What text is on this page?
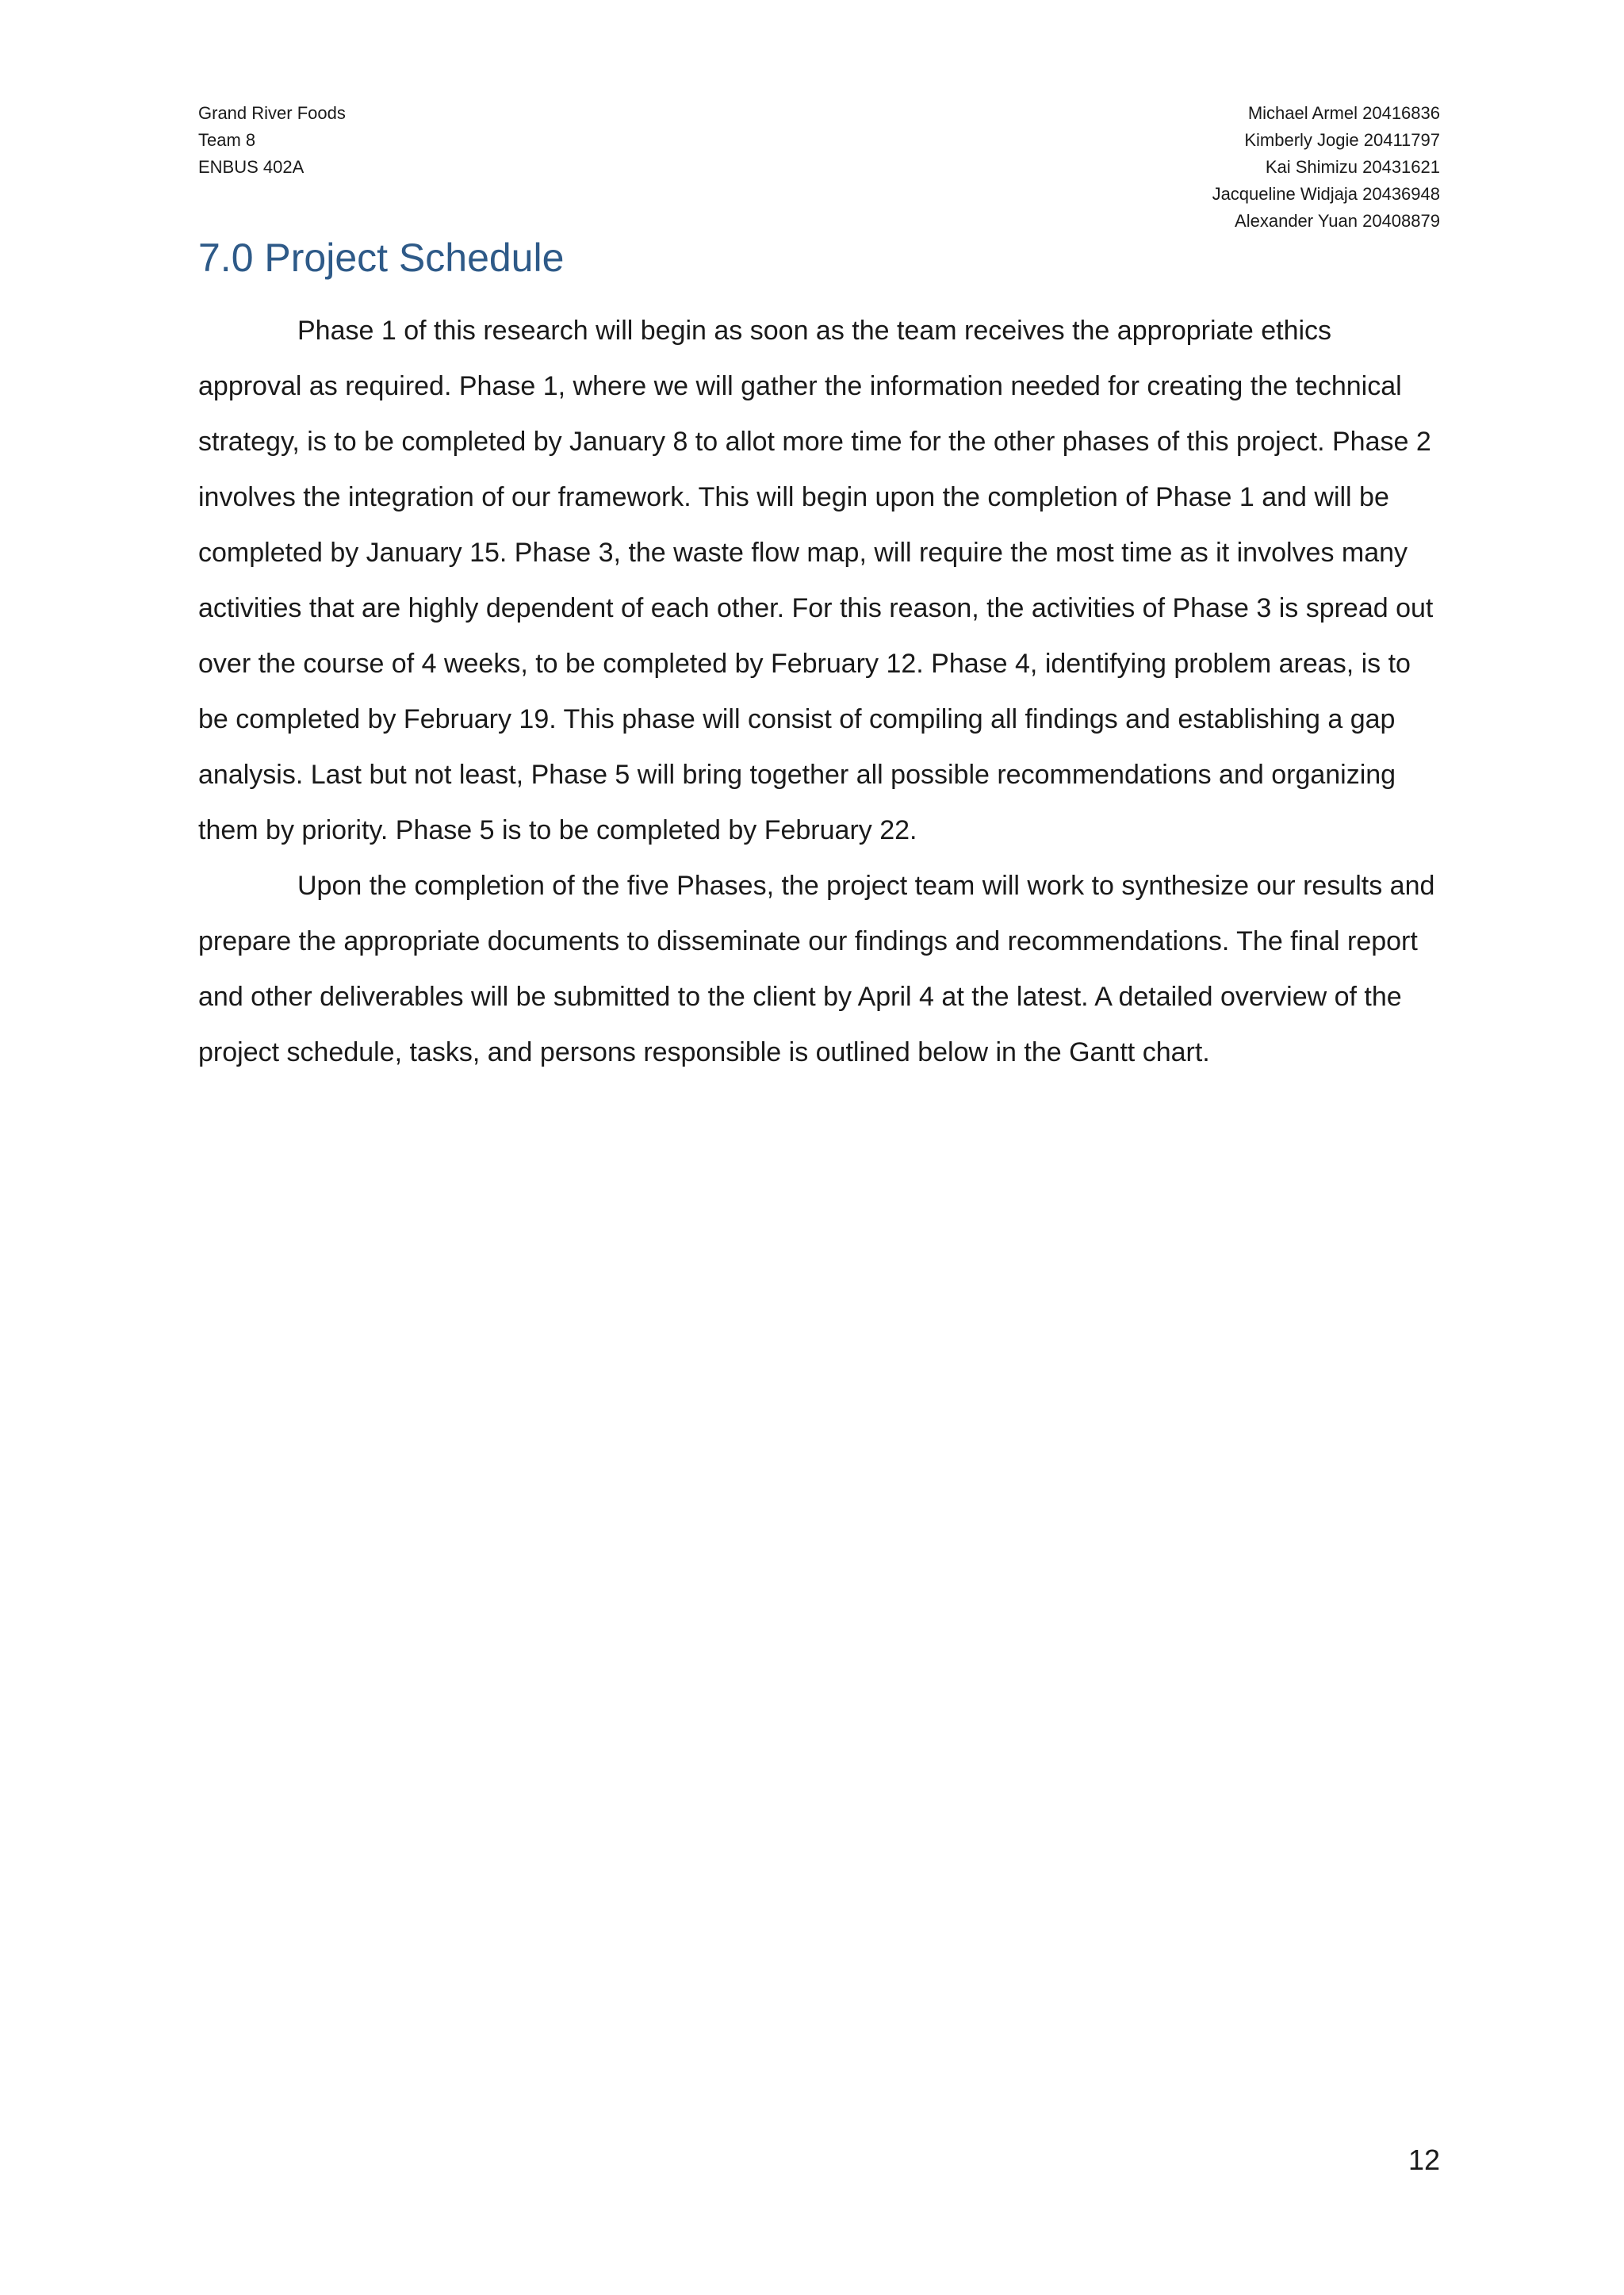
Grand River Foods
Team 8
ENBUS 402A
Michael Armel 20416836
Kimberly Jogie 20411797
Kai Shimizu 20431621
Jacqueline Widjaja 20436948
Alexander Yuan 20408879
7.0 Project Schedule

Phase 1 of this research will begin as soon as the team receives the appropriate ethics approval as required. Phase 1, where we will gather the information needed for creating the technical strategy, is to be completed by January 8 to allot more time for the other phases of this project. Phase 2 involves the integration of our framework. This will begin upon the completion of Phase 1 and will be completed by January 15. Phase 3, the waste flow map, will require the most time as it involves many activities that are highly dependent of each other. For this reason, the activities of Phase 3 is spread out over the course of 4 weeks, to be completed by February 12. Phase 4, identifying problem areas, is to be completed by February 19. This phase will consist of compiling all findings and establishing a gap analysis. Last but not least, Phase 5 will bring together all possible recommendations and organizing them by priority. Phase 5 is to be completed by February 22.

Upon the completion of the five Phases, the project team will work to synthesize our results and prepare the appropriate documents to disseminate our findings and recommendations. The final report and other deliverables will be submitted to the client by April 4 at the latest. A detailed overview of the project schedule, tasks, and persons responsible is outlined below in the Gantt chart.

12
